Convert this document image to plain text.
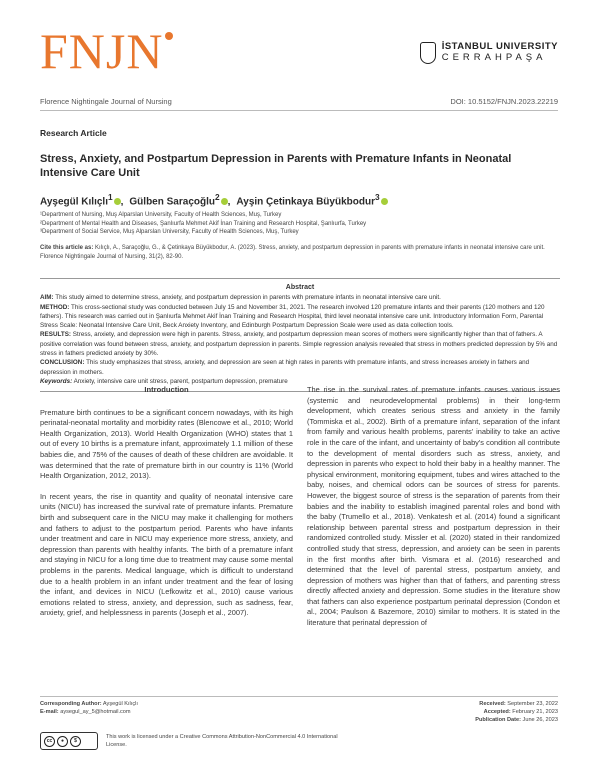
FNJN	İSTANBUL UNIVERSITY
CERRAHPAŞA
Florence Nightingale Journal of Nursing	DOI: 10.5152/FNJN.2023.22219
Research Article
Stress, Anxiety, and Postpartum Depression in Parents with Premature Infants in Neonatal Intensive Care Unit
Ayşegül Kılıçlı$^1$ , Gülben Saraçoğlu$^2$ , Ayşin Çetinkaya Büyükbodur$^3$
¹Department of Nursing, Muş Alparslan University, Faculty of Health Sciences, Muş, Turkey
²Department of Mental Health and Diseases, Şanlıurfa Mehmet Akif İnan Training and Research Hospital, Şanlıurfa, Turkey
³Department of Social Service, Muş Alparslan University, Faculty of Health Sciences, Muş, Turkey
Cite this article as: Kılıçlı, A., Saraçoğlu, G., & Çetinkaya Büyükbodur, A. (2023). Stress, anxiety, and postpartum depression in parents with premature infants in neonatal intensive care unit. Florence Nightingale Journal of Nursing, 31(2), 82-90.
Abstract
AIM: This study aimed to determine stress, anxiety, and postpartum depression in parents with premature infants in neonatal intensive care unit.
METHOD: This cross-sectional study was conducted between July 15 and November 31, 2021. The research involved 120 premature infants and their parents (120 mothers and 120 fathers). This research was carried out in Şanlıurfa Mehmet Akif İnan Training and Research Hospital, third level neonatal intensive care unit. Introductory Information Form, Parental Stress Scale: Neonatal Intensive Care Unit, Beck Anxiety Inventory, and Edinburgh Postpartum Depression Scale were used as data collection tools.
RESULTS: Stress, anxiety, and depression were high in parents. Stress, anxiety, and postpartum depression mean scores of mothers were significantly higher than that of fathers. A positive correlation was found between stress, anxiety, and postpartum depression in parents. Simple regression analysis revealed that stress in mothers predicted depression by 5% and stress in fathers predicted anxiety by 30%.
CONCLUSION: This study emphasizes that stress, anxiety, and depression are seen at high rates in parents with premature infants, and stress increases anxiety in fathers and depression in mothers.
Keywords: Anxiety, intensive care unit stress, parent, postpartum depression, premature
Introduction

Premature birth continues to be a significant concern nowadays, with its high perinatal-neonatal mortality and morbidity rates (Blencowe et al., 2010; World Health Organization, 2013). World Health Organization (WHO) states that 1 out of every 10 births is a premature infant, approximately 1.1 million of these babies die, and 75% of the causes of death of these children are avoidable. It was determined that the rate of premature birth in our country is 11% (World Health Organization, 2012, 2013).

In recent years, the rise in quantity and quality of neonatal intensive care units (NICU) has increased the survival rate of premature infants. Premature birth and subsequent care in the NICU may make it challenging for mothers and fathers to adjust to the postpartum period. Parents who have infants under treatment and care in NICU may experience more stress, anxiety, and depression than parents with healthy infants. The birth of a premature infant and staying in NICU for a long time due to treatment may cause some mental problems in the parents. Medical language, which is difficult to understand due to a health problem in an infant under treatment and the fear of losing the infant, and devices in NICU (Lefkowitz et al., 2010) cause various emotions related to stress, anxiety, and depression, such as sadness, fear, anxiety, grief, and helplessness in parents (Joseph et al., 2007).

The rise in the survival rates of premature infants causes various issues (systemic and neurodevelopmental problems) in their long-term development, which creates serious stress and anxiety in the family (Tommiska et al., 2002). Birth of a premature infant, separation of the infant from family and various health problems, parents' inability to take an active role in the care of the infant, and uncertainty of baby's condition all contribute to the development of mental disorders such as stress, anxiety, and depression in parents who expect to hold their baby in a healthy manner. The physical environment, monitoring equipment, tubes and wires attached to the baby, noises, and chemical odors can be sources of stress for parents. However, the biggest source of stress is the separation of parents from their babies and the inability to establish imagined parental roles and bond with the baby (Trumello et al., 2018). Venkatesh et al. (2014) found a significant relationship between parental stress and postpartum depression in their randomized controlled study. Missler et al. (2020) stated in their randomized controlled study that stress, depression, and anxiety can be seen in parents in the first months after birth. Vismara et al. (2016) researched and determined that the level of parental stress, postpartum anxiety, and depression of mothers was higher than that of fathers, and parenting stress directly affected anxiety and depression. Some studies in the literature show that fathers can also experience postpartum perinatal depression (Condon et al., 2004; Paulson & Bazemore, 2010) similar to mothers. It is stated in the literature that perinatal depression of

Corresponding Author: Ayşegül Kılıçlı
E-mail: aysegul_ay_5@hotmail.com
cc	●	$
This work is licensed under a Creative Commons Attribution-NonCommercial 4.0 International License.
Received: September 23, 2022
Accepted: February 21, 2023
Publication Date: June 26, 2023
